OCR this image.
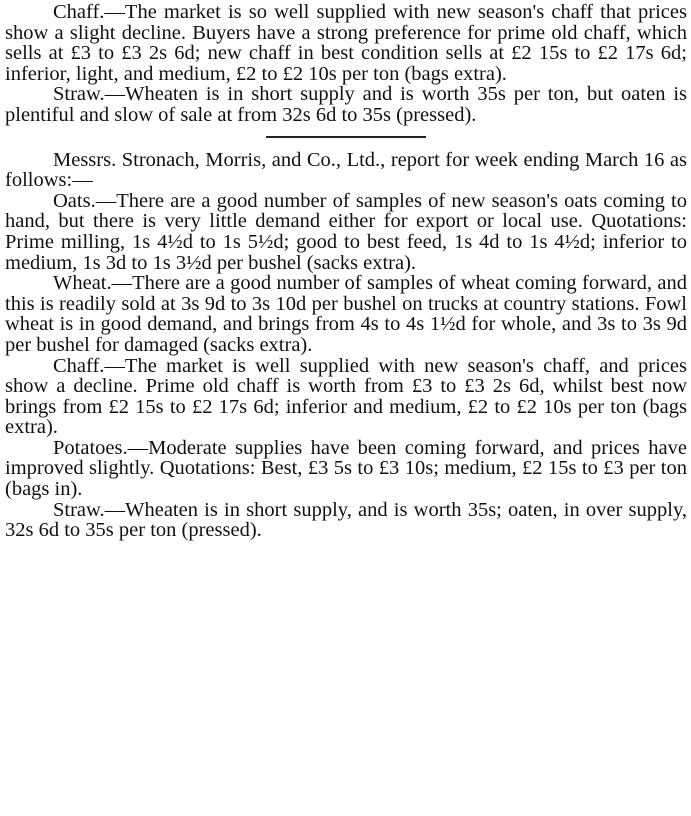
Chaff.—The market is so well supplied with new season's chaff that prices show a slight decline. Buyers have a strong preference for prime old chaff, which sells at £3 to £3 2s 6d; new chaff in best condition sells at £2 15s to £2 17s 6d; inferior, light, and medium, £2 to £2 10s per ton (bags extra).

Straw.—Wheaten is in short supply and is worth 35s per ton, but oaten is plentiful and slow of sale at from 32s 6d to 35s (pressed).

Messrs. Stronach, Morris, and Co., Ltd., report for week ending March 16 as follows:—

Oats.—There are a good number of samples of new season's oats coming to hand, but there is very little demand either for export or local use. Quotations: Prime milling, 1s 4½d to 1s 5½d; good to best feed, 1s 4d to 1s 4½d; inferior to medium, 1s 3d to 1s 3½d per bushel (sacks extra).

Wheat.—There are a good number of samples of wheat coming forward, and this is readily sold at 3s 9d to 3s 10d per bushel on trucks at country stations. Fowl wheat is in good demand, and brings from 4s to 4s 1½d for whole, and 3s to 3s 9d per bushel for damaged (sacks extra).

Chaff.—The market is well supplied with new season's chaff, and prices show a decline. Prime old chaff is worth from £3 to £3 2s 6d, whilst best now brings from £2 15s to £2 17s 6d; inferior and medium, £2 to £2 10s per ton (bags extra).

Potatoes.—Moderate supplies have been coming forward, and prices have improved slightly. Quotations: Best, £3 5s to £3 10s; medium, £2 15s to £3 per ton (bags in).

Straw.—Wheaten is in short supply, and is worth 35s; oaten, in over supply, 32s 6d to 35s per ton (pressed).
